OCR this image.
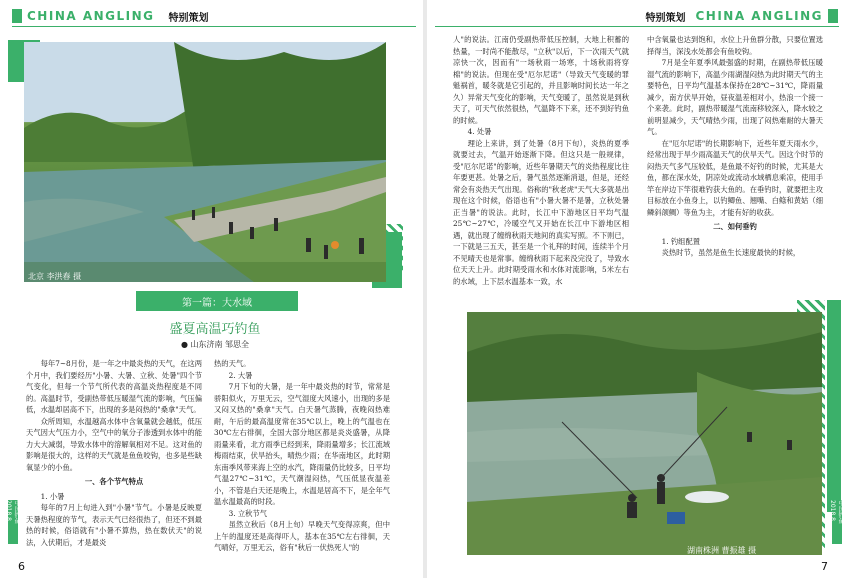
CHINA ANGLING 特别策划
北京 李洪春 摄
第一篇：大水域
盛夏高温巧钓鱼
● 山东济南 邹思全

每年7~8月份，是一年之中最炎热的天气，在这两个月中，我们要经历"小暑、大暑、立秋、处暑"四个节气变化，但每一个节气所代表的高温炎热程度是不同的。高温时节，受副热带低压暖湿气流的影响，气压偏低，水温却居高不下，出现的多是闷热的"桑拿"天气。

众所周知，水温越高水体中含氧量就会越低，低压天气因大气压力小，空气中的氧分子渗透到水体中的能力大大减弱，导致水体中的溶解氧相对不足。这对鱼的影响是很大的，这样的天气就是鱼鱼咬钩，也多是些缺氧显少的小鱼。

一、各个节气特点
1. 小暑

每年的7月上旬进入到"小暑"节气。小暑是反映夏天暑热程度的节气，表示天气已经很热了，但还不到最热的时候，俗语就有"小暑不算热，热在数伏天"的说法，入伏期后，才是最炎

热的天气。

2. 大暑

7月下旬的大暑，是一年中最炎热的时节，常常是骄阳似火，万里无云，空气湿度大风速小，出现的多是又闷又热的"桑拿"天气。白天暑气蒸腾，夜晚闷热难耐，午后的最高温度常在35℃以上，晚上的气温也在30℃左右徘徊，全国大部分地区都是炎炎盛暑，从降雨量来看，北方雨季已经到来，降雨量增多；长江流域梅雨结束，伏旱抬头，晴热少雨；在华南地区，此时期东南季风带来海上空的水汽，降雨量仍比较多，日平均气温27℃~31℃，天气潮湿闷热，气压低显夜温差小，不管是白天还是晚上，水温是居高不下，是全年气温水温最高的时段。

3. 立秋节气

虽然立秋后（8月上旬）早晚天气变得凉爽，但中上午的温度还是高得吓人，基本在35℃左右徘徊，天气晴好，万里无云，俗有"秋后一伏热死人"的

中国钓鱼 2018.8
6
特别策划 CHINA ANGLING

人"的说法。江南仍受副热带低压控制，大地上积蓄的热量，一时尚不能散尽，"立秋"以后，下一次雨天气就凉快一次，因而有"一场秋雨一场寒，十场秋雨将穿棉"的说法。但现在受"厄尔尼诺"（导致天气变暖的罪魁祸首，暖冬就是它引起的，并且影响时间长达一年之久）异常天气变化的影响，天气变暖了，虽然说是到秋天了，可天气依然很热，气温降不下来，还不到好钓鱼的时候。

4. 处暑

理论上来讲，到了处暑（8月下旬），炎热的夏季就要过去，气温开始逐渐下降。但这只是一般规律，受"厄尔尼诺"的影响，近些年暑期天气的炎热程度比往年要更甚。处暑之后，暑气虽然逐渐消退，但是，还经常会有炎热天气出现。俗称的"秋老虎"天气大多就是出现在这个时候，俗语也有"小暑大暑不是暑，立秋处暑正当暑"的说法。此时，长江中下游地区日平均气温25℃~27℃，冷暖空气又开始在长江中下游地区相遇，就出现了缠绵秋雨天地间的真实写照。不下则已，一下就是三五天，甚至是一个礼拜的时间，连续半个月不见晴天也是常事。缠绵秋雨下起来没完没了，导致水位天天上升。此时期受雨水和水体对流影响，5米左右的水域，上下层水温基本一致，水

中含氧量也达到饱和，水位上升鱼群分散，只要位置选择得当，深浅水处都会有鱼咬钩。

7月是全年夏季风最强盛的时期，在副热带低压暖湿气流的影响下，高温少雨湖湿闷热为此时期天气的主要特色，日平均气温基本保持在28℃~31℃，降雨量减少，南方伏旱开始，昼夜温差相对小，热浪一个接一个来袭。此时，副热带暖湿气流南移较深入，降水较之前明显减少，天气晴热少雨，出现了闷热难耐的大暑天气。

在"厄尔尼诺"的长期影响下，近些年夏天雨水少，经常出现于旱少雨高温天气的伏旱天气。因这个时节的闷热天气多气压较低，是鱼最不好钓的时候，尤其是大鱼，都在深水处，阴凉处或流动水域栖息乘凉，使用手竿在岸边下竿很难钓获大鱼的。在垂钓时，就要把主攻目标放在小鱼身上，以钓鲫鱼、翘嘴、白鲦和黄姑（细鳞斜颌鲷）等鱼为主，才能有好的收获。

二、如何垂钓
1. 钓组配置

炎热时节，虽然是鱼生长速度最快的时候，

湖南株洲 曹振雄 摄
中国钓鱼 2018.8
7
